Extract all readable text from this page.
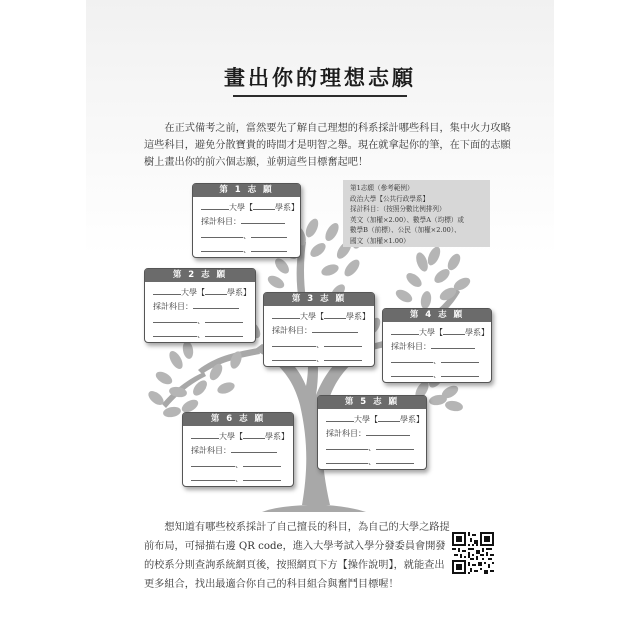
畫出你的理想志願

在正式備考之前，當然要先了解自己理想的科系採計哪些科目，集中火力攻略這些科目，避免分散寶貴的時間才是明智之舉。現在就拿起你的筆，在下面的志願樹上畫出你的前六個志願，並朝這些目標奮起吧！

第1志願（參考範例）
政治大學【公共行政學系】
採計科目：（按照分數比例排列）
英文（加權×2.00）、數學A（均標）或
數學B（前標）、公民（加權×2.00）、
國文（加權×1.00）
第 1 志 願
大學【	學系】
採計科目：
、
、
第 2 志 願
大學【	學系】
採計科目：
、
、
第 3 志 願
大學【	學系】
採計科目：
、
、
第 4 志 願
大學【	學系】
採計科目：
、
、
第 5 志 願
大學【	學系】
採計科目：
、
、
第 6 志 願
大學【	學系】
採計科目：
、
、

想知道有哪些校系採計了自己擅長的科目，為自己的大學之路提前布局，可掃描右邊 QR code，進入大學考試入學分發委員會開發的校系分則查詢系統網頁後，按照網頁下方【操作說明】，就能查出更多組合，找出最適合你自己的科目組合與奮鬥目標喔！
